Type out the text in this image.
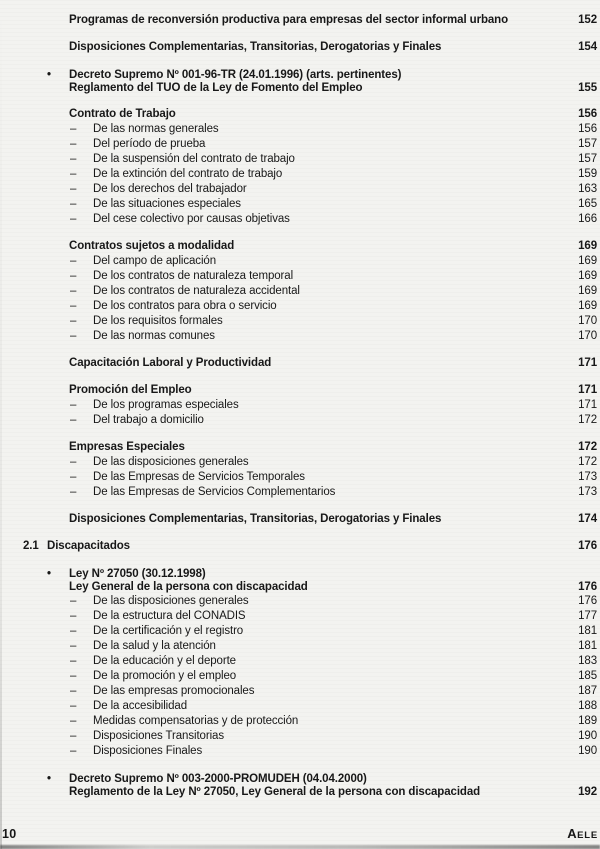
Programas de reconversión productiva para empresas del sector informal urbano	152
Disposiciones Complementarias, Transitorias, Derogatorias y Finales	154
•	Decreto Supremo Nº 001-96-TR (24.01.1996) (arts. pertinentes)
Reglamento del TUO de la Ley de Fomento del Empleo	155
Contrato de Trabajo	156
–	De las normas generales	156
–	Del período de prueba	157
–	De la suspensión del contrato de trabajo	157
–	De la extinción del contrato de trabajo	159
–	De los derechos del trabajador	163
–	De las situaciones especiales	165
–	Del cese colectivo por causas objetivas	166
Contratos sujetos a modalidad	169
–	Del campo de aplicación	169
–	De los contratos de naturaleza temporal	169
–	De los contratos de naturaleza accidental	169
–	De los contratos para obra o servicio	169
–	De los requisitos formales	170
–	De las normas comunes	170
Capacitación Laboral y Productividad	171
Promoción del Empleo	171
–	De los programas especiales	171
–	Del trabajo a domicilio	172
Empresas Especiales	172
–	De las disposiciones generales	172
–	De las Empresas de Servicios Temporales	173
–	De las Empresas de Servicios Complementarios	173
Disposiciones Complementarias, Transitorias, Derogatorias y Finales	174
2.1 Discapacitados	176
•	Ley Nº 27050 (30.12.1998)
Ley General de la persona con discapacidad	176
–	De las disposiciones generales	176
–	De la estructura del CONADIS	177
–	De la certificación y el registro	181
–	De la salud y la atención	181
–	De la educación y el deporte	183
–	De la promoción y el empleo	185
–	De las empresas promocionales	187
–	De la accesibilidad	188
–	Medidas compensatorias y de protección	189
–	Disposiciones Transitorias	190
–	Disposiciones Finales	190
•	Decreto Supremo Nº 003-2000-PROMUDEH (04.04.2000)
Reglamento de la Ley Nº 27050, Ley General de la persona con discapacidad	192
10	AELE
